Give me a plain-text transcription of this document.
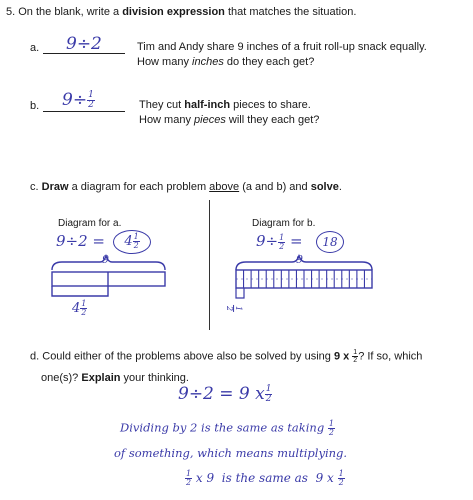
5. On the blank, write a division expression that matches the situation.
a. 9÷2	Tim and Andy share 9 inches of a fruit roll-up snack equally.
How many inches do they each get?
b. $9\div \frac{1}{2}$	They cut half-inch pieces to share.
How many pieces will they each get?
c. Draw a diagram for each problem above (a and b) and solve.
Diagram for a.
9÷2 =	$4 \frac{1}{2}$
9
$4 \frac{1}{2}$
Diagram for b.
$9\div \frac{1}{2}$ =	18
9
1
2
d. Could either of the problems above also be solved by using 9 x $\frac{1}{2}$ ? If so, which
one(s)? Explain your thinking.
9÷2 = 9 x $\frac{1}{2}$
Dividing by 2 is the same as taking $\frac{1}{2}$
of something, which means multiplying.
$\frac{1}{2}$ x 9  is the same as  9 x $\frac{1}{2}$
